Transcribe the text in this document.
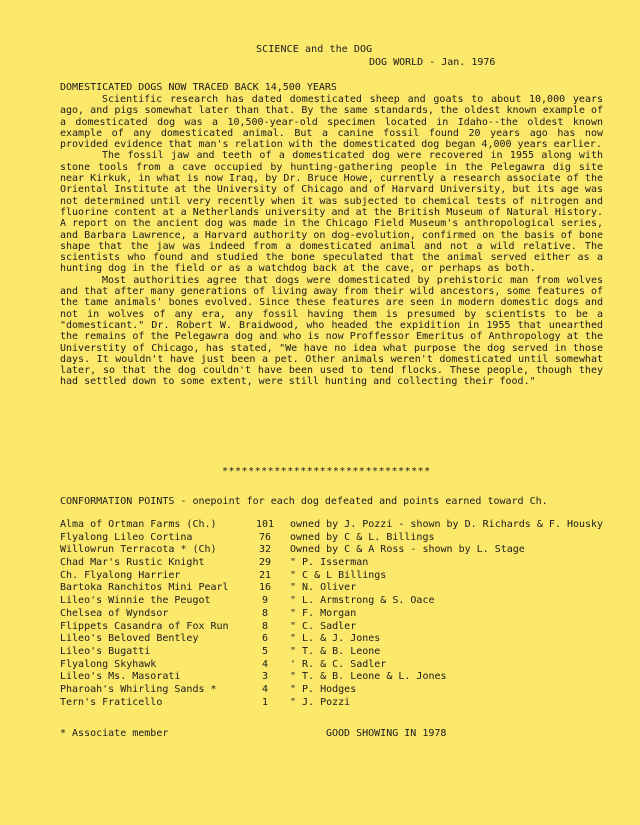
SCIENCE and the DOG
DOG WORLD - Jan. 1976
DOMESTICATED DOGS NOW TRACED BACK 14,500 YEARS

Scientific research has dated domesticated sheep and goats to about 10,000 years ago, and pigs somewhat later than that. By the same standards, the oldest known example of a domesticated dog was a 10,500-year-old specimen located in Idaho--the oldest known example of any domesticated animal. But a canine fossil found 20 years ago has now provided evidence that man's relation with the domesticated dog began 4,000 years earlier.

The fossil jaw and teeth of a domesticated dog were recovered in 1955 along with stone tools from a cave occupied by hunting-gathering people in the Pelegawra dig site near Kirkuk, in what is now Iraq, by Dr. Bruce Howe, currently a research associate of the Oriental Institute at the University of Chicago and of Harvard University, but its age was not determined until very recently when it was subjected to chemical tests of nitrogen and fluorine content at a Netherlands university and at the British Museum of Natural History. A report on the ancient dog was made in the Chicago Field Museum's anthropological series, and Barbara Lawrence, a Harvard authority on dog-evolution, confirmed on the basis of bone shape that the jaw was indeed from a domesticated animal and not a wild relative. The scientists who found and studied the bone speculated that the animal served either as a hunting dog in the field or as a watchdog back at the cave, or perhaps as both.

Most authorities agree that dogs were domesticated by prehistoric man from wolves and that after many generations of living away from their wild ancestors, some features of the tame animals' bones evolved. Since these features are seen in modern domestic dogs and not in wolves of any era, any fossil having them is presumed by scientists to be a "domesticant." Dr. Robert W. Braidwood, who headed the expidition in 1955 that unearthed the remains of the Pelegawra dog and who is now Proffessor Emeritus of Anthropology at the Universtity of Chicago, has stated, "We have no idea what purpose the dog served in those days. It wouldn't have just been a pet. Other animals weren't domesticated until somewhat later, so that the dog couldn't have been used to tend flocks. These people, though they had settled down to some extent, were still hunting and collecting their food."

********************************
CONFORMATION POINTS - onepoint for each dog defeated and points earned toward Ch.
Alma of Ortman Farms (Ch.)	101	owned by J. Pozzi - shown by D. Richards & F. Housky
Flyalong Lileo Cortina	76	owned by C & L. Billings
Willowrun Terracota * (Ch)	32	Owned by C & A Ross - shown by L. Stage
Chad Mar's Rustic Knight	29	" P. Isserman
Ch. Flyalong Harrier	21	" C & L Billings
Bartoka Ranchitos Mini Pearl	16	" N. Oliver
Lileo's Winnie the Peugot	9	" L. Armstrong & S. Oace
Chelsea of Wyndsor	8	" F. Morgan
Flippets Casandra of Fox Run	8	" C. Sadler
Lileo's Beloved Bentley	6	" L. & J. Jones
Lileo's Bugatti	5	" T. & B. Leone
Flyalong Skyhawk	4	' R. & C. Sadler
Lileo's Ms. Masorati	3	" T. & B. Leone & L. Jones
Pharoah's Whirling Sands *	4	" P. Hodges
Tern's Fraticello	1	" J. Pozzi
* Associate member	GOOD SHOWING IN 1978
